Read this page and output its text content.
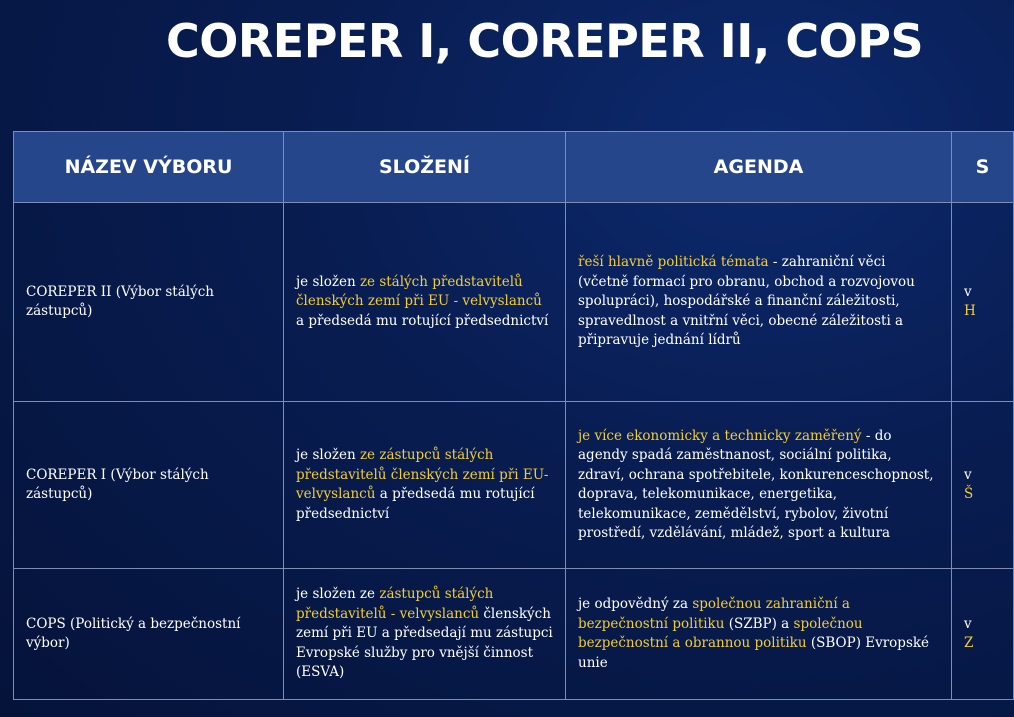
COREPER I, COREPER II, COPS
NÁZEV VÝBORU	SLOŽENÍ	AGENDA	S
COREPER II (Výbor stálých zástupců)	je složen ze stálých představitelů členských zemí při EU - velvyslanců a předsedá mu rotující předsednictví	řeší hlavně politická témata - zahraniční věci (včetně formací pro obranu, obchod a rozvojovou spolupráci), hospodářské a finanční záležitosti, spravedlnost a vnitřní věci, obecné záležitosti a připravuje jednání lídrů	v
H
COREPER I (Výbor stálých zástupců)	je složen ze zástupců stálých představitelů členských zemí při EU-velvyslanců a předsedá mu rotující předsednictví	je více ekonomicky a technicky zaměřený - do agendy spadá zaměstnanost, sociální politika, zdraví, ochrana spotřebitele, konkurenceschopnost, doprava, telekomunikace, energetika, telekomunikace, zemědělství, rybolov, životní prostředí, vzdělávání, mládež, sport a kultura	v
Š
COPS (Politický a bezpečnostní výbor)	je složen ze zástupců stálých představitelů - velvyslanců členských zemí při EU a předsedají mu zástupci Evropské služby pro vnější činnost (ESVA)	je odpovědný za společnou zahraniční a bezpečnostní politiku (SZBP) a společnou bezpečnostní a obrannou politiku (SBOP) Evropské unie	v
Z
